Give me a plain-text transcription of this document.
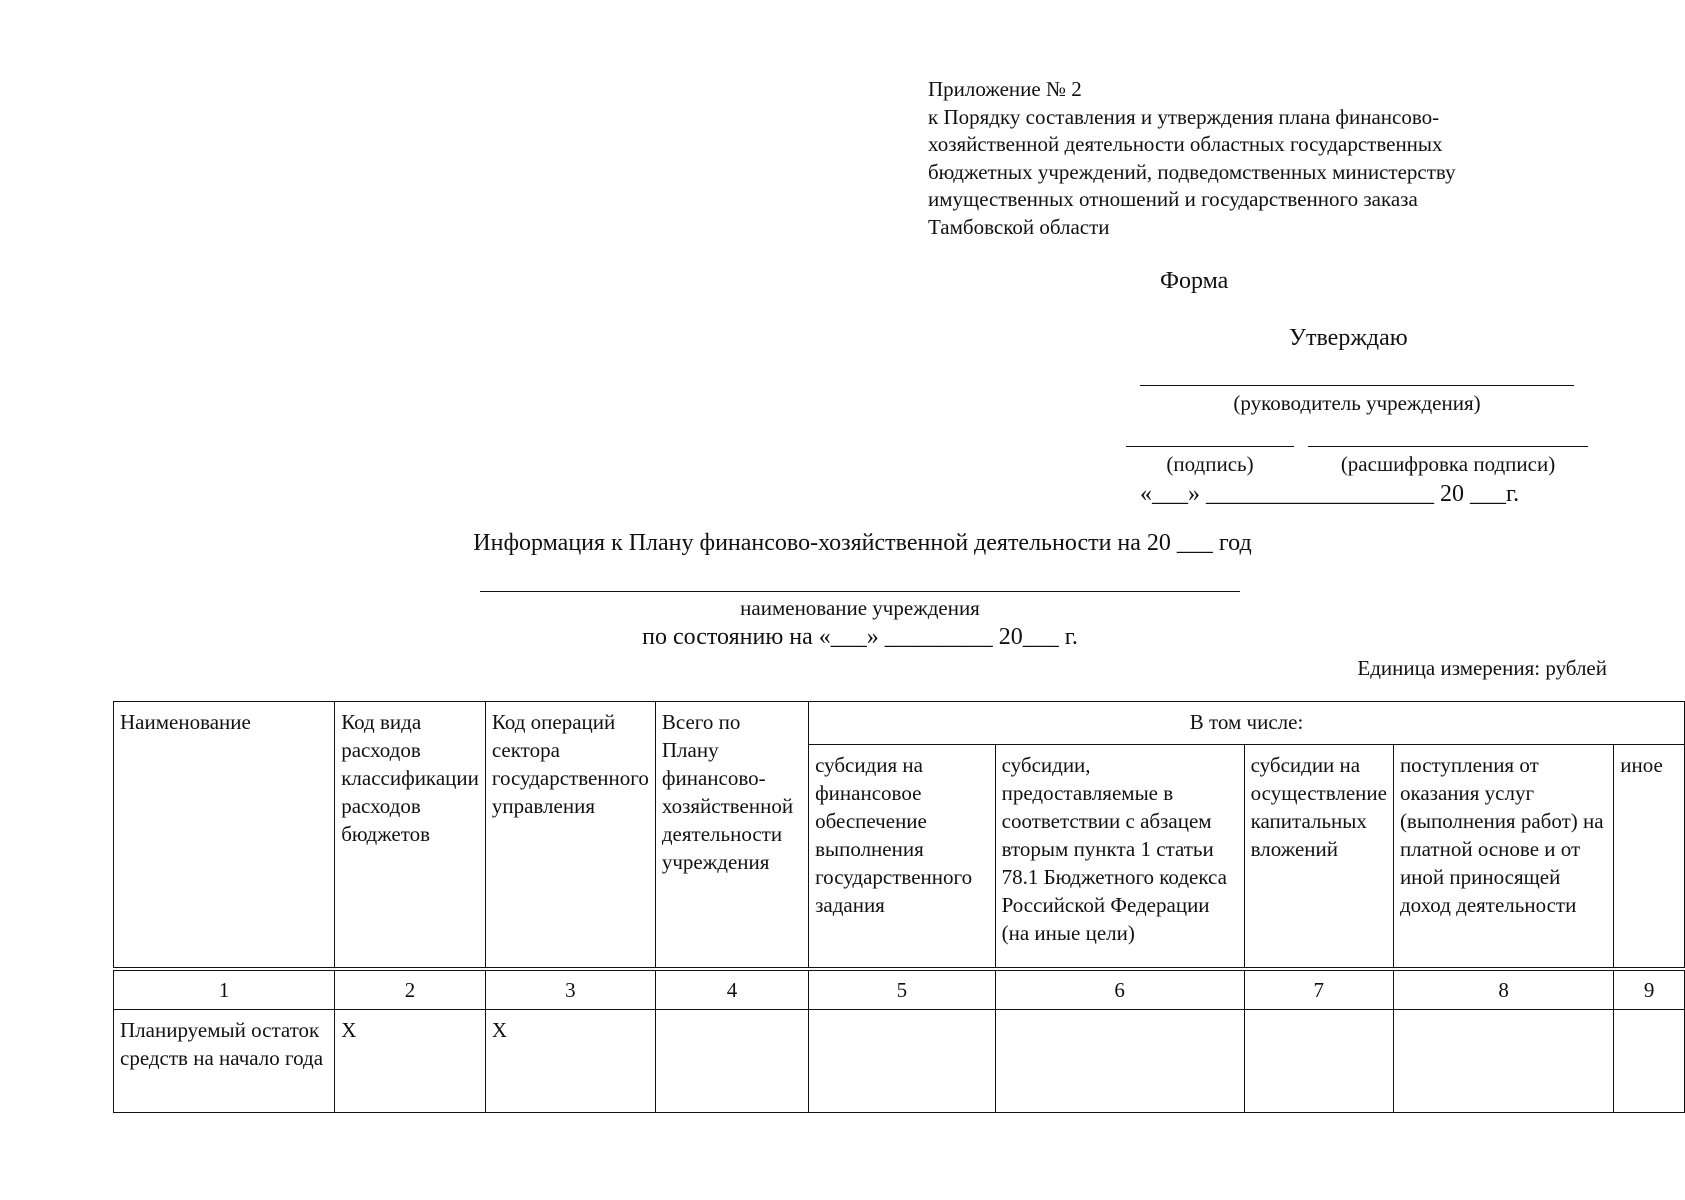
Приложение № 2
к Порядку составления и утверждения плана финансово-
хозяйственной деятельности областных государственных
бюджетных учреждений, подведомственных министерству
имущественных отношений и государственного заказа
Тамбовской области
Форма
Утверждаю
(руководитель учреждения)
(подпись)	(расшифровка подписи)
«___» ___________________ 20 ___г.
Информация к Плану финансово-хозяйственной деятельности на 20 ___ год
наименование учреждения
по состоянию на «___» _________ 20___ г.
Единица измерения: рублей
Наименование	Код вида расходов классификации расходов бюджетов	Код операций сектора государственного управления	Всего по Плану финансово-хозяйственной деятельности учреждения	В том числе:				
				субсидия на финансовое обеспечение выполнения государственного задания	субсидии, предоставляемые в соответствии с абзацем вторым пункта 1 статьи 78.1 Бюджетного кодекса Российской Федерации (на иные цели)	субсидии на осуществление капитальных вложений	поступления от оказания услуг (выполнения работ) на платной основе и от иной приносящей доход деятельности	иное
1	2	3	4	5	6	7	8	9
Планируемый остаток средств на начало года	Х	Х						
